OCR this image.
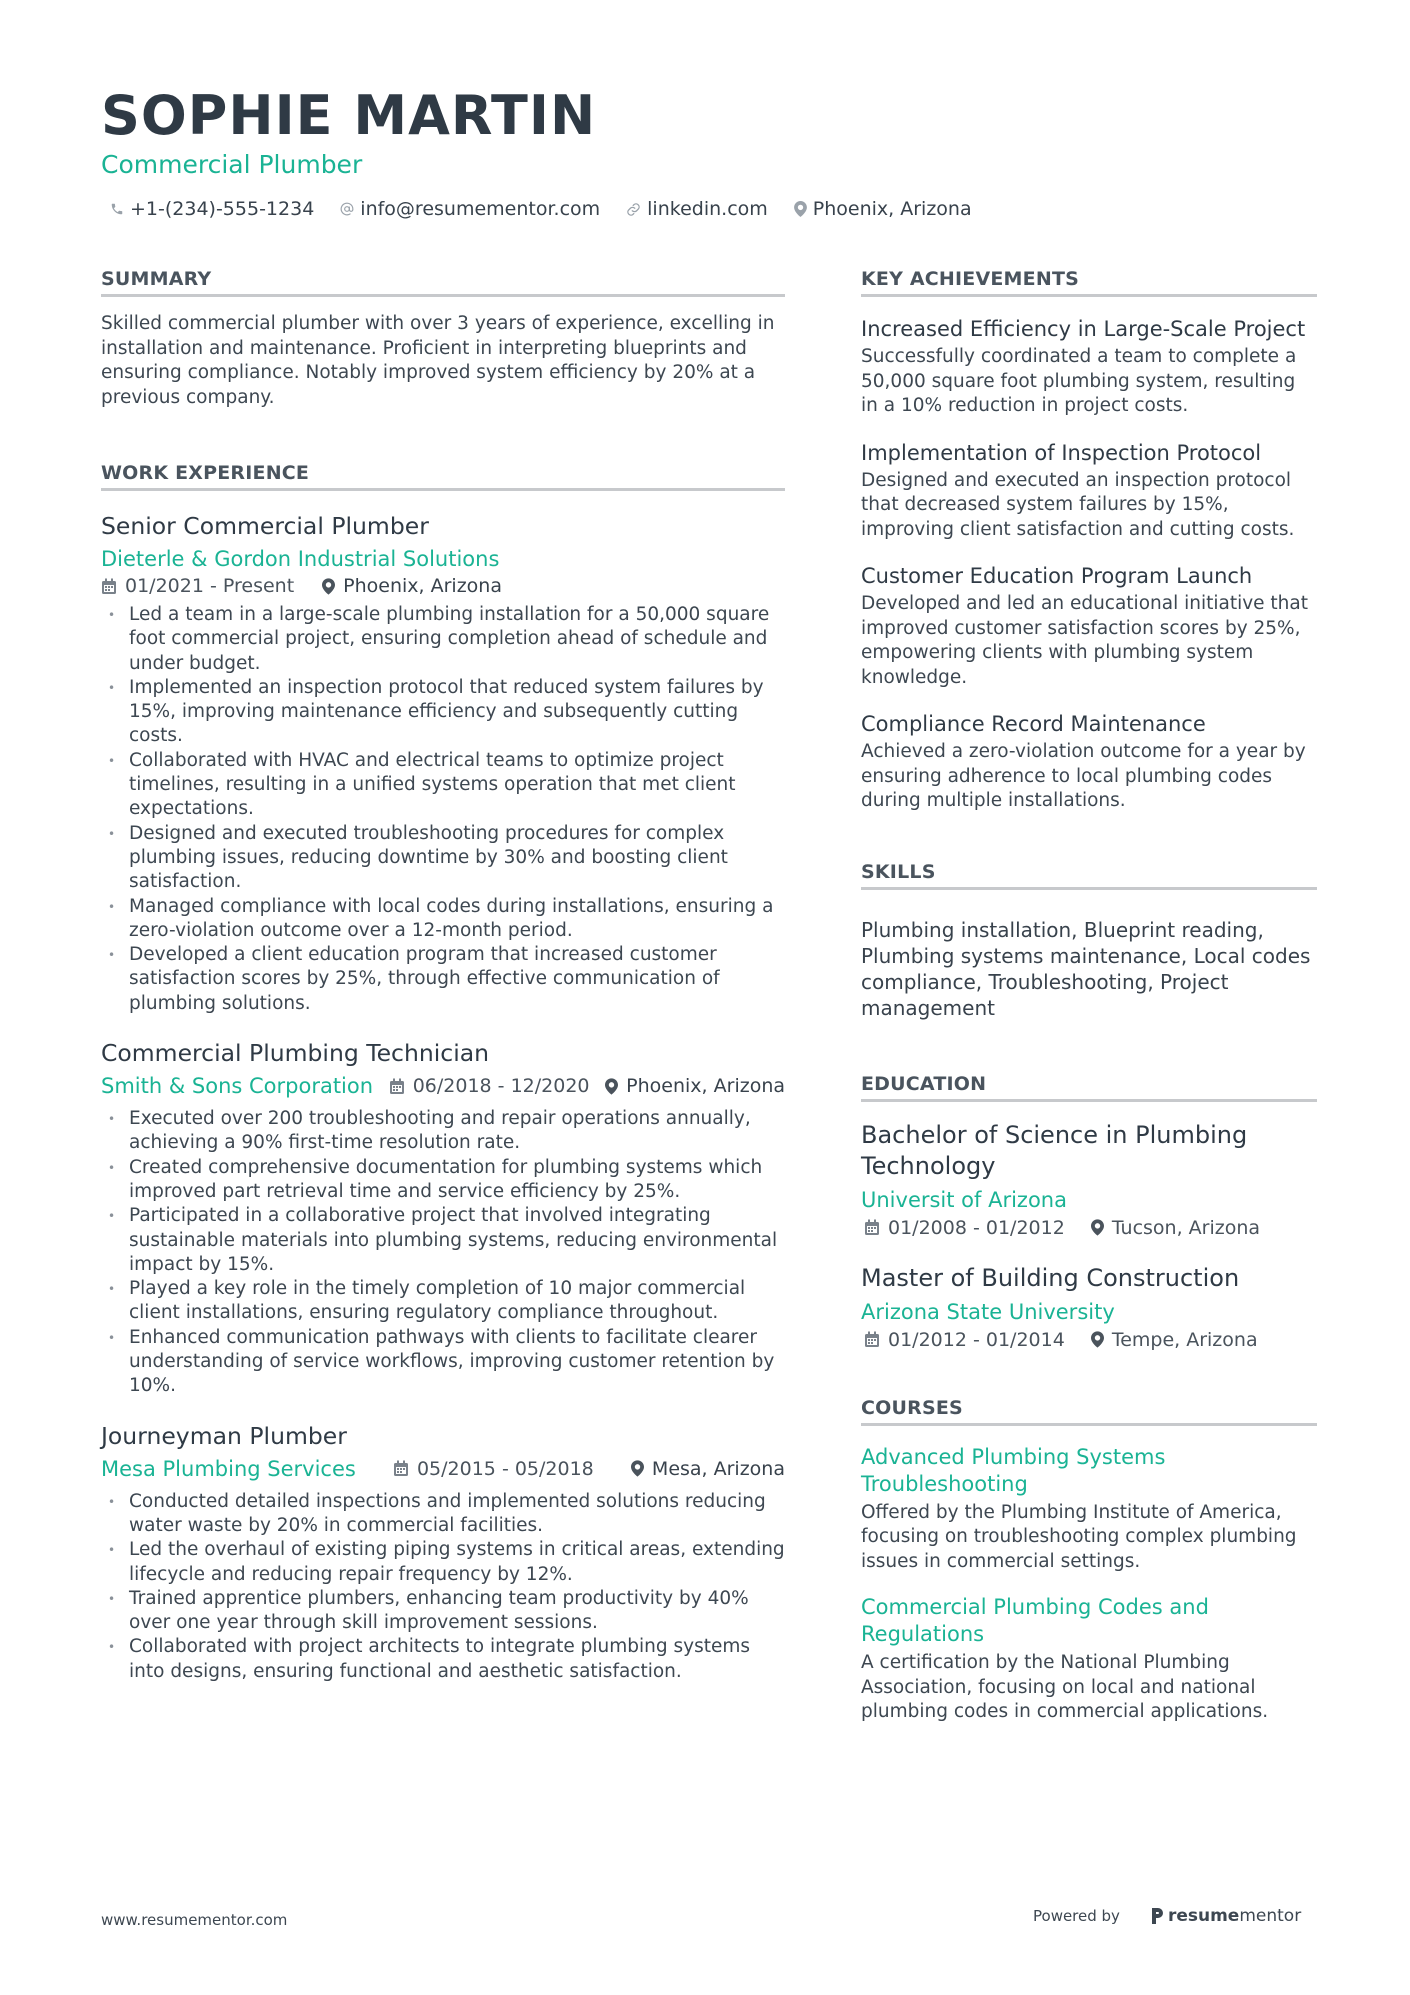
SOPHIE MARTIN
Commercial Plumber
+1-(234)-555-1234 info@resumementor.com linkedin.com Phoenix, Arizona
SUMMARY

Skilled commercial plumber with over 3 years of experience, excelling in installation and maintenance. Proficient in interpreting blueprints and ensuring compliance. Notably improved system efficiency by 20% at a previous company.

WORK EXPERIENCE
Senior Commercial Plumber
Dieterle & Gordon Industrial Solutions
01/2021 - Present	Phoenix, Arizona
• Led a team in a large-scale plumbing installation for a 50,000 square foot commercial project, ensuring completion ahead of schedule and under budget.
• Implemented an inspection protocol that reduced system failures by 15%, improving maintenance efficiency and subsequently cutting costs.
• Collaborated with HVAC and electrical teams to optimize project timelines, resulting in a unified systems operation that met client expectations.
• Designed and executed troubleshooting procedures for complex plumbing issues, reducing downtime by 30% and boosting client satisfaction.
• Managed compliance with local codes during installations, ensuring a zero-violation outcome over a 12-month period.
• Developed a client education program that increased customer satisfaction scores by 25%, through effective communication of plumbing solutions.
Commercial Plumbing Technician
Smith & Sons Corporation 06/2018 - 12/2020 Phoenix, Arizona
• Executed over 200 troubleshooting and repair operations annually, achieving a 90% first-time resolution rate.
• Created comprehensive documentation for plumbing systems which improved part retrieval time and service efficiency by 25%.
• Participated in a collaborative project that involved integrating sustainable materials into plumbing systems, reducing environmental impact by 15%.
• Played a key role in the timely completion of 10 major commercial client installations, ensuring regulatory compliance throughout.
• Enhanced communication pathways with clients to facilitate clearer understanding of service workflows, improving customer retention by 10%.
Journeyman Plumber
Mesa Plumbing Services	05/2015 - 05/2018	Mesa, Arizona
• Conducted detailed inspections and implemented solutions reducing water waste by 20% in commercial facilities.
• Led the overhaul of existing piping systems in critical areas, extending lifecycle and reducing repair frequency by 12%.
• Trained apprentice plumbers, enhancing team productivity by 40% over one year through skill improvement sessions.
• Collaborated with project architects to integrate plumbing systems into designs, ensuring functional and aesthetic satisfaction.
KEY ACHIEVEMENTS
Increased Efficiency in Large-Scale Project

Successfully coordinated a team to complete a 50,000 square foot plumbing system, resulting in a 10% reduction in project costs.

Implementation of Inspection Protocol

Designed and executed an inspection protocol that decreased system failures by 15%, improving client satisfaction and cutting costs.

Customer Education Program Launch

Developed and led an educational initiative that improved customer satisfaction scores by 25%, empowering clients with plumbing system knowledge.

Compliance Record Maintenance

Achieved a zero-violation outcome for a year by ensuring adherence to local plumbing codes during multiple installations.

SKILLS

Plumbing installation, Blueprint reading, Plumbing systems maintenance, Local codes compliance, Troubleshooting, Project management

EDUCATION
Bachelor of Science in Plumbing Technology
Universit of Arizona
01/2008 - 01/2012 Tucson, Arizona
Master of Building Construction
Arizona State University
01/2012 - 01/2014 Tempe, Arizona
COURSES
Advanced Plumbing Systems Troubleshooting

Offered by the Plumbing Institute of America, focusing on troubleshooting complex plumbing issues in commercial settings.

Commercial Plumbing Codes and Regulations

A certification by the National Plumbing Association, focusing on local and national plumbing codes in commercial applications.

www.resumementor.com	Powered by	resume mentor
